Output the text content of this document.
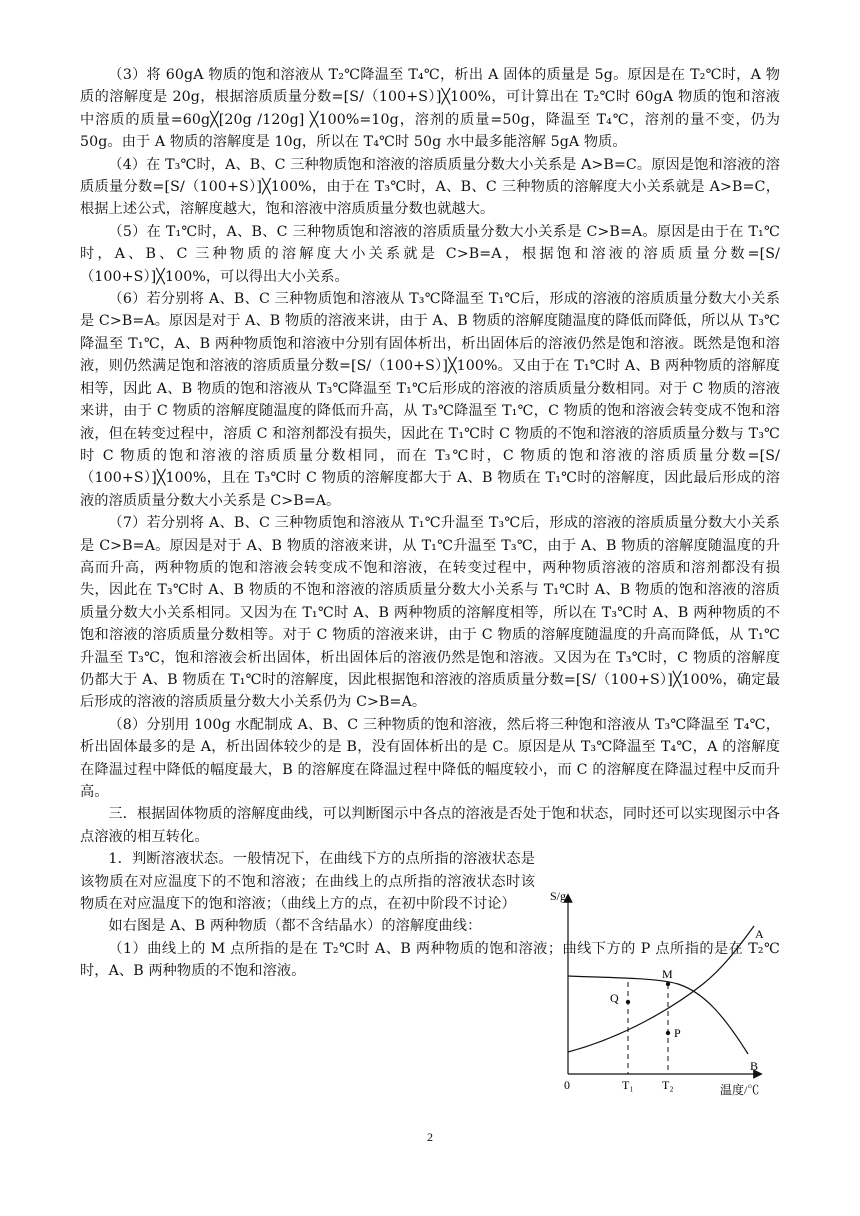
（3）将 60gA 物质的饱和溶液从 T₂℃降温至 T₄℃，析出 A 固体的质量是 5g。原因是在 T₂℃时，A 物质的溶解度是 20g，根据溶质质量分数=[S/（100+S）]╳100%，可计算出在 T₂℃时 60gA 物质的饱和溶液中溶质的质量=60g╳[20g /120g] ╳100%=10g，溶剂的质量=50g，降温至 T₄℃，溶剂的量不变，仍为 50g。由于 A 物质的溶解度是 10g，所以在 T₄℃时 50g 水中最多能溶解 5gA 物质。

（4）在 T₃℃时，A、B、C 三种物质饱和溶液的溶质质量分数大小关系是 A>B=C。原因是饱和溶液的溶质质量分数=[S/（100+S）]╳100%，由于在 T₃℃时，A、B、C 三种物质的溶解度大小关系就是 A>B=C，根据上述公式，溶解度越大，饱和溶液中溶质质量分数也就越大。

（5）在 T₁℃时，A、B、C 三种物质饱和溶液的溶质质量分数大小关系是 C>B=A。原因是由于在 T₁℃时，A、B、C 三种物质的溶解度大小关系就是 C>B=A，根据饱和溶液的溶质质量分数=[S/（100+S）]╳100%，可以得出大小关系。

（6）若分别将 A、B、C 三种物质饱和溶液从 T₃℃降温至 T₁℃后，形成的溶液的溶质质量分数大小关系是 C>B=A。原因是对于 A、B 物质的溶液来讲，由于 A、B 物质的溶解度随温度的降低而降低，所以从 T₃℃降温至 T₁℃，A、B 两种物质饱和溶液中分别有固体析出，析出固体后的溶液仍然是饱和溶液。既然是饱和溶液，则仍然满足饱和溶液的溶质质量分数=[S/（100+S）]╳100%。又由于在 T₁℃时 A、B 两种物质的溶解度相等，因此 A、B 物质的饱和溶液从 T₃℃降温至 T₁℃后形成的溶液的溶质质量分数相同。对于 C 物质的溶液来讲，由于 C 物质的溶解度随温度的降低而升高，从 T₃℃降温至 T₁℃，C 物质的饱和溶液会转变成不饱和溶液，但在转变过程中，溶质 C 和溶剂都没有损失，因此在 T₁℃时 C 物质的不饱和溶液的溶质质量分数与 T₃℃时 C 物质的饱和溶液的溶质质量分数相同，而在 T₃℃时，C 物质的饱和溶液的溶质质量分数=[S/（100+S）]╳100%，且在 T₃℃时 C 物质的溶解度都大于 A、B 物质在 T₁℃时的溶解度，因此最后形成的溶液的溶质质量分数大小关系是 C>B=A。

（7）若分别将 A、B、C 三种物质饱和溶液从 T₁℃升温至 T₃℃后，形成的溶液的溶质质量分数大小关系是 C>B=A。原因是对于 A、B 物质的溶液来讲，从 T₁℃升温至 T₃℃，由于 A、B 物质的溶解度随温度的升高而升高，两种物质的饱和溶液会转变成不饱和溶液，在转变过程中，两种物质溶液的溶质和溶剂都没有损失，因此在 T₃℃时 A、B 物质的不饱和溶液的溶质质量分数大小关系与 T₁℃时 A、B 物质的饱和溶液的溶质质量分数大小关系相同。又因为在 T₁℃时 A、B 两种物质的溶解度相等，所以在 T₃℃时 A、B 两种物质的不饱和溶液的溶质质量分数相等。对于 C 物质的溶液来讲，由于 C 物质的溶解度随温度的升高而降低，从 T₁℃升温至 T₃℃，饱和溶液会析出固体，析出固体后的溶液仍然是饱和溶液。又因为在 T₃℃时，C 物质的溶解度仍都大于 A、B 物质在 T₁℃时的溶解度，因此根据饱和溶液的溶质质量分数=[S/（100+S）]╳100%，确定最后形成的溶液的溶质质量分数大小关系仍为 C>B=A。

（8）分别用 100g 水配制成 A、B、C 三种物质的饱和溶液，然后将三种饱和溶液从 T₃℃降温至 T₄℃，析出固体最多的是 A，析出固体较少的是 B，没有固体析出的是 C。原因是从 T₃℃降温至 T₄℃，A 的溶解度在降温过程中降低的幅度最大，B 的溶解度在降温过程中降低的幅度较小，而 C 的溶解度在降温过程中反而升高。

三．根据固体物质的溶解度曲线，可以判断图示中各点的溶液是否处于饱和状态，同时还可以实现图示中各点溶液的相互转化。

1．判断溶液状态。一般情况下，在曲线下方的点所指的溶液状态是该物质在对应温度下的不饱和溶液；在曲线上的点所指的溶液状态时该物质在对应温度下的饱和溶液；（曲线上方的点，在初中阶段不讨论）

如右图是 A、B 两种物质（都不含结晶水）的溶解度曲线：

（1）曲线上的 M 点所指的是在 T₂℃时 A、B 两种物质的饱和溶液；曲线下方的 P 点所指的是在 T₂℃时，A、B 两种物质的不饱和溶液。

S/g
温度/℃
0
A
B
T₁ T₂
M
Q
P
2
